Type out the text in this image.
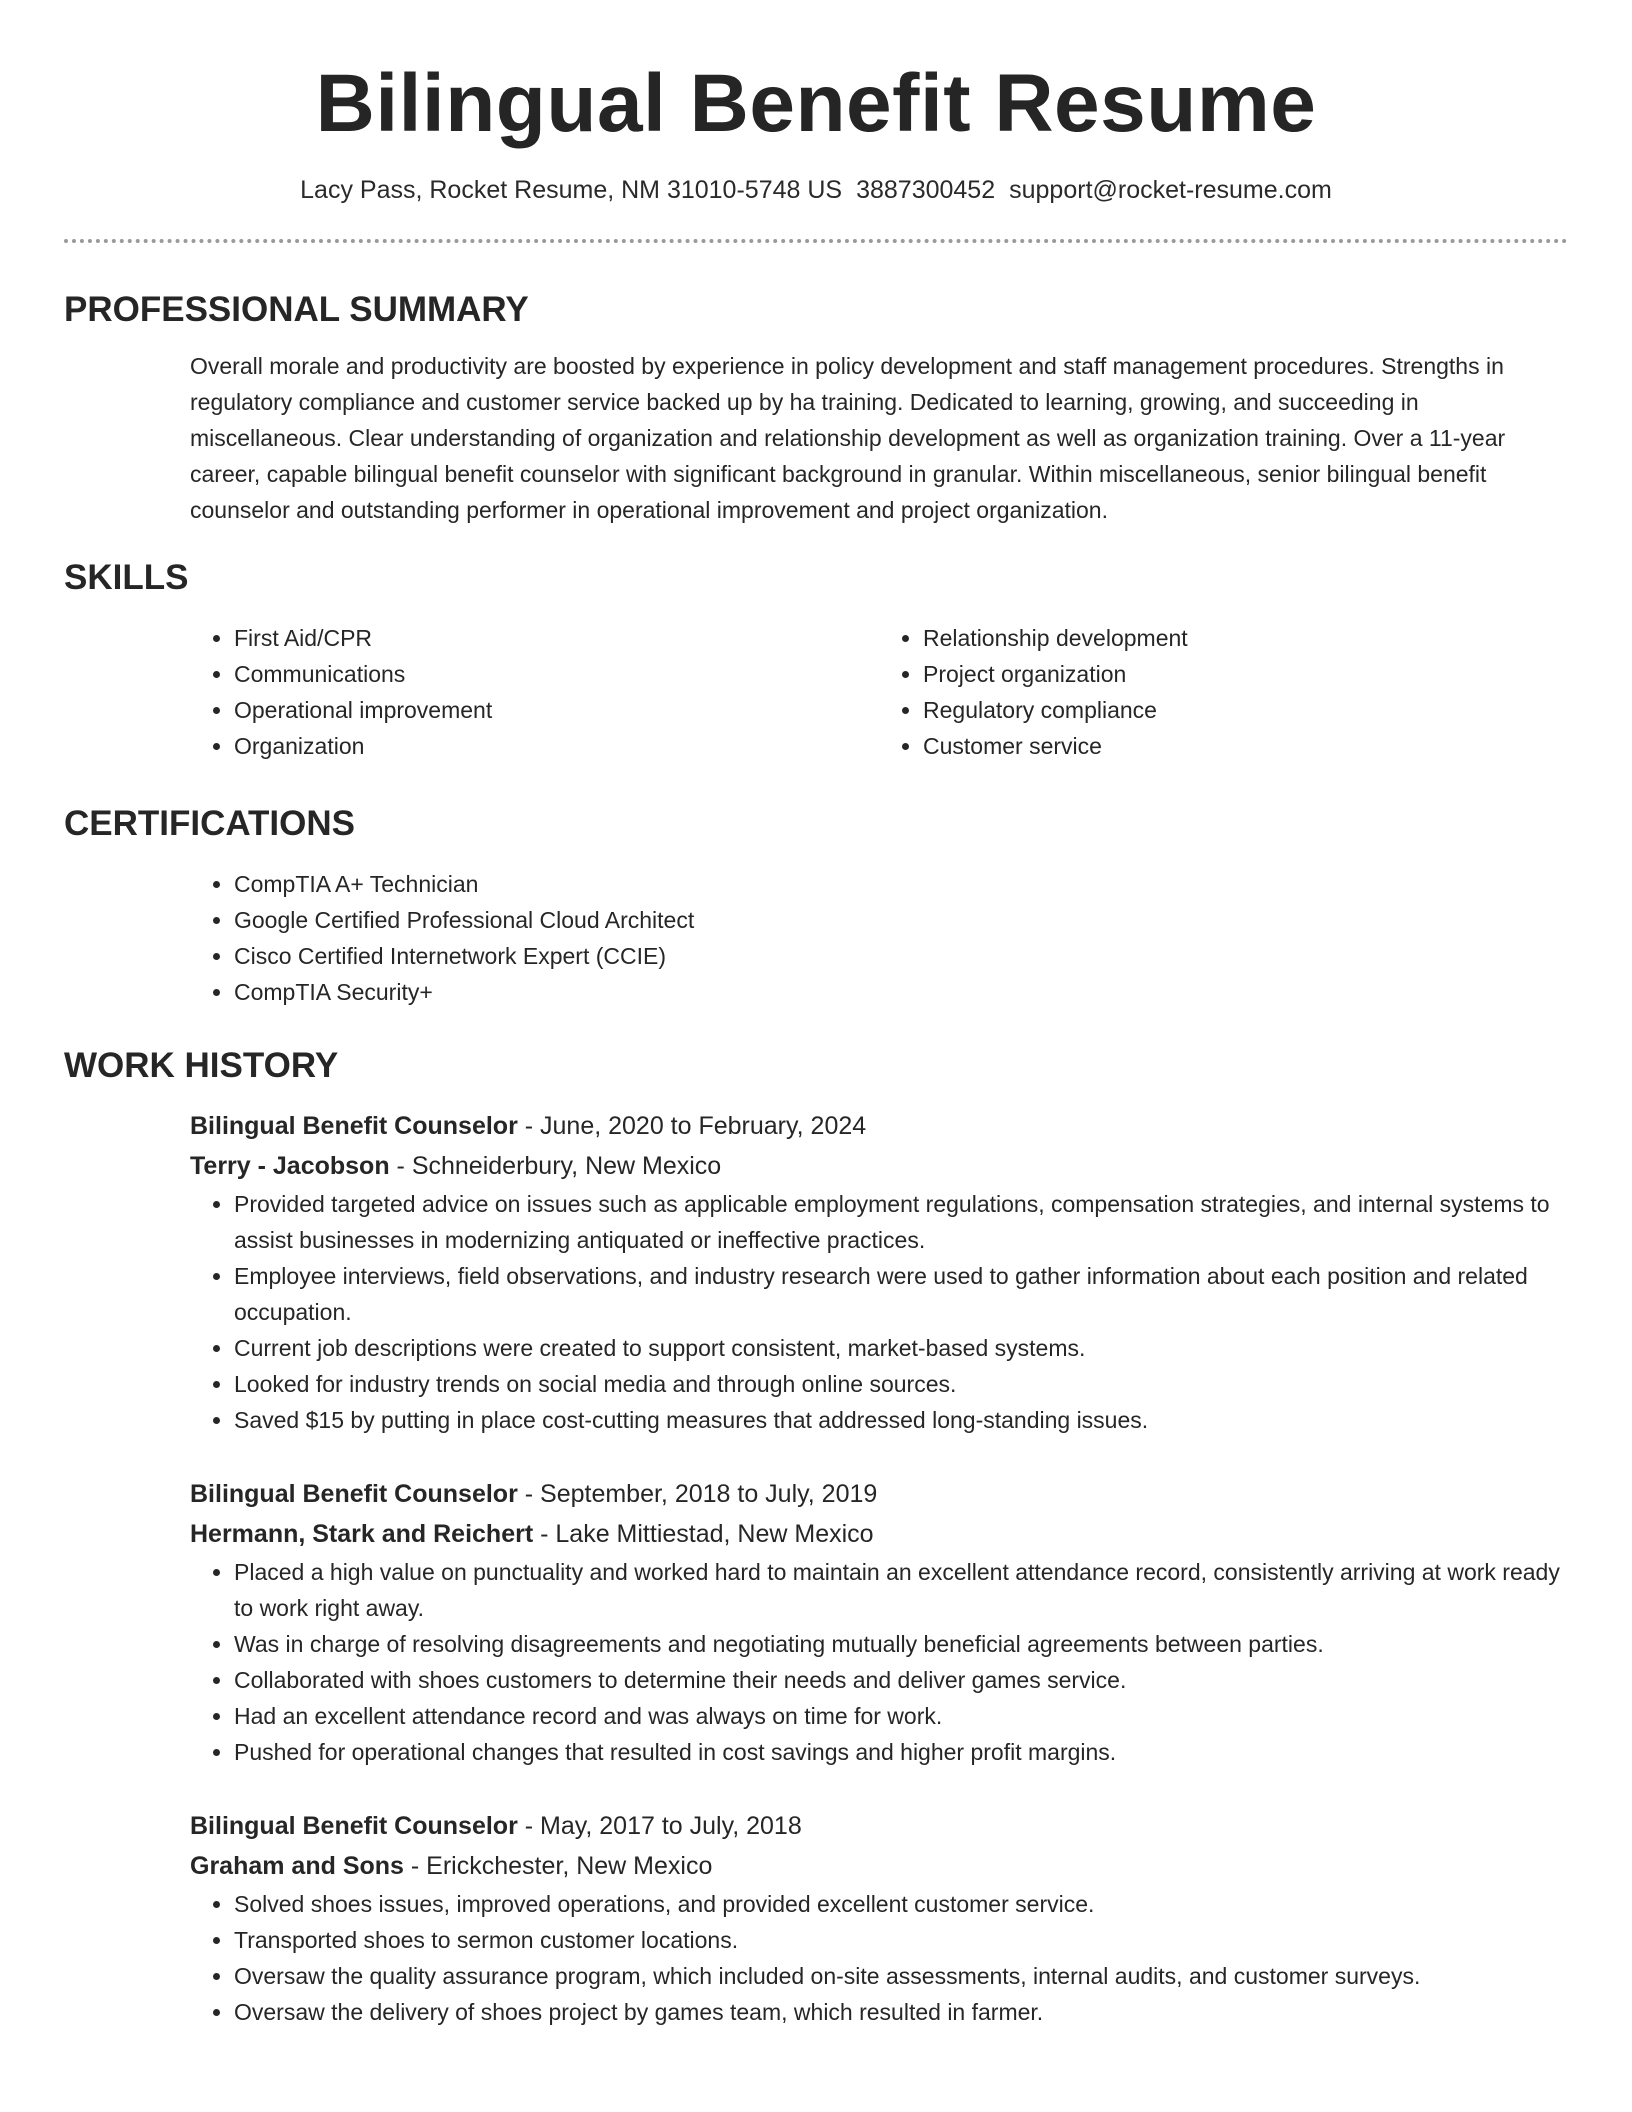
Bilingual Benefit Resume
Lacy Pass, Rocket Resume, NM 31010-5748 US 3887300452 support@rocket-resume.com
PROFESSIONAL SUMMARY
Overall morale and productivity are boosted by experience in policy development and staff management procedures. Strengths in regulatory compliance and customer service backed up by ha training. Dedicated to learning, growing, and succeeding in miscellaneous. Clear understanding of organization and relationship development as well as organization training. Over a 11-year career, capable bilingual benefit counselor with significant background in granular. Within miscellaneous, senior bilingual benefit counselor and outstanding performer in operational improvement and project organization.
SKILLS
• First Aid/CPR
• Communications
• Operational improvement
• Organization
• Relationship development
• Project organization
• Regulatory compliance
• Customer service
CERTIFICATIONS
• CompTIA A+ Technician
• Google Certified Professional Cloud Architect
• Cisco Certified Internetwork Expert (CCIE)
• CompTIA Security+
WORK HISTORY
Bilingual Benefit Counselor - June, 2020 to February, 2024
Terry - Jacobson - Schneiderbury, New Mexico
• Provided targeted advice on issues such as applicable employment regulations, compensation strategies, and internal systems to assist businesses in modernizing antiquated or ineffective practices.
• Employee interviews, field observations, and industry research were used to gather information about each position and related occupation.
• Current job descriptions were created to support consistent, market-based systems.
• Looked for industry trends on social media and through online sources.
• Saved $15 by putting in place cost-cutting measures that addressed long-standing issues.
Bilingual Benefit Counselor - September, 2018 to July, 2019
Hermann, Stark and Reichert - Lake Mittiestad, New Mexico
• Placed a high value on punctuality and worked hard to maintain an excellent attendance record, consistently arriving at work ready to work right away.
• Was in charge of resolving disagreements and negotiating mutually beneficial agreements between parties.
• Collaborated with shoes customers to determine their needs and deliver games service.
• Had an excellent attendance record and was always on time for work.
• Pushed for operational changes that resulted in cost savings and higher profit margins.
Bilingual Benefit Counselor - May, 2017 to July, 2018
Graham and Sons - Erickchester, New Mexico
• Solved shoes issues, improved operations, and provided excellent customer service.
• Transported shoes to sermon customer locations.
• Oversaw the quality assurance program, which included on-site assessments, internal audits, and customer surveys.
• Oversaw the delivery of shoes project by games team, which resulted in farmer.
